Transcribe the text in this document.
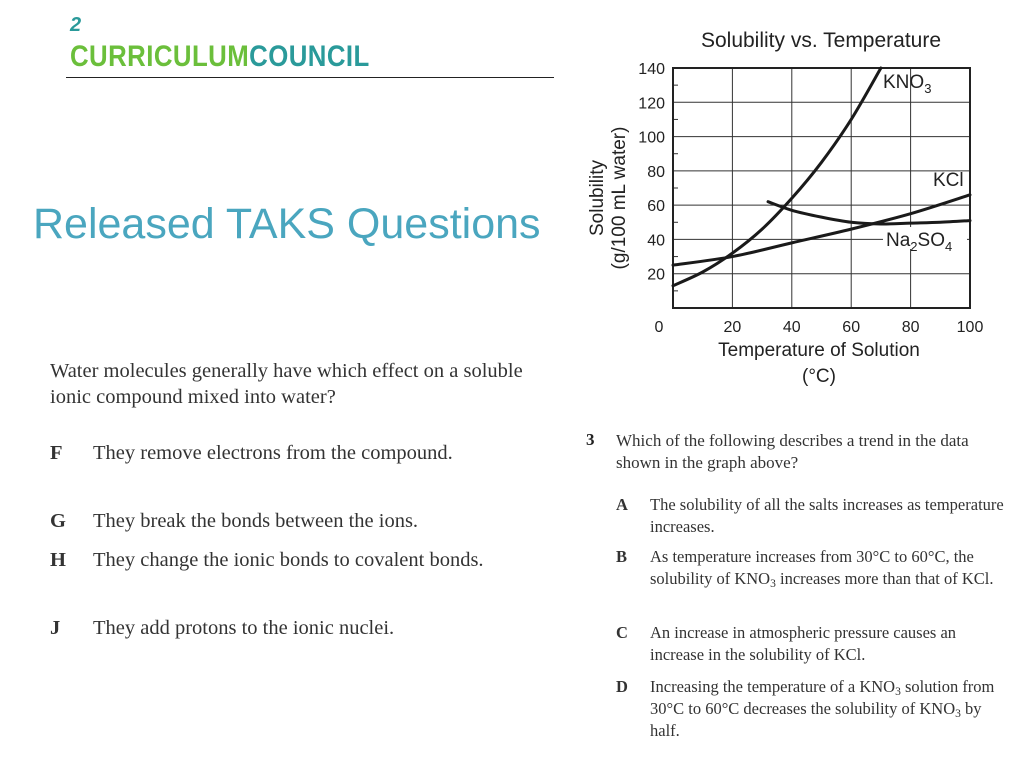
2
CURRICULUMCOUNCIL
Released TAKS Questions
Water molecules generally have which effect on a soluble ionic compound mixed into water?
F They remove electrons from the compound.
G They break the bonds between the ions.
H They change the ionic bonds to covalent bonds.
J They add protons to the ionic nuclei.
Solubility vs. Temperature
20	40	60	80 100
20
40
60
80
100
120
140
0
$KNO_3$
KCl
$Na_2SO_4$
Temperature of Solution
(°C)
Solubility (g/100 mL water)
3 Which of the following describes a trend in the data shown in the graph above?
A The solubility of all the salts increases as temperature increases.
B As temperature increases from 30°C to 60°C, the solubility of $KNO_3$ increases more than that of KCl.
C An increase in atmospheric pressure causes an increase in the solubility of KCl.
D Increasing the temperature of a $KNO_3$ solution from 30°C to 60°C decreases the solubility of $KNO_3$ by half.
